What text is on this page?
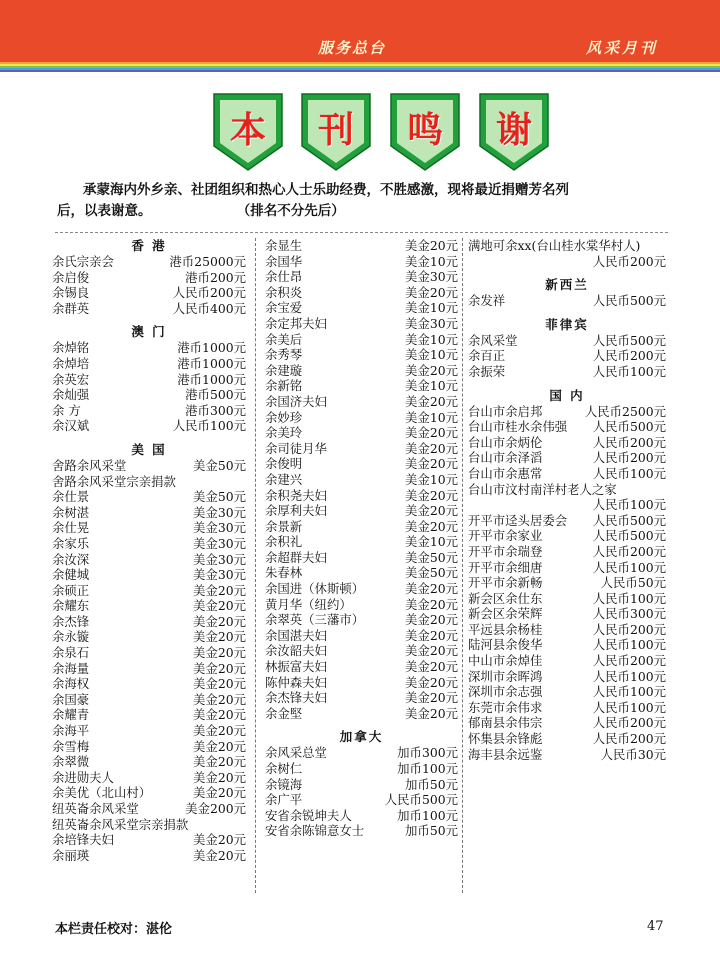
服务总台	风采月刊
本	刊	鸣	谢
承蒙海内外乡亲、社团组织和热心人士乐助经费，不胜感激，现将最近捐赠芳名列
后，以表谢意。	（排名不分先后）
香 港
余氏宗亲会	港币25000元
余启俊	港币200元
余锡良	人民币200元
余群英	人民币400元
澳 门
余焯铭	港币1000元
余焯培	港币1000元
余英宏	港币1000元
余灿强	港币500元
余 方	港币300元
余汉斌	人民币100元
美 国
舍路余风采堂	美金50元
舍路余风采堂宗亲捐款
余仕景	美金50元
余树湛	美金30元
余仕晃	美金30元
余家乐	美金30元
余汝深	美金30元
余健城	美金30元
余硕正	美金20元
余耀东	美金20元
余杰锋	美金20元
余永镟	美金20元
余泉石	美金20元
余海量	美金20元
余海权	美金20元
余国豪	美金20元
余耀青	美金20元
余海平	美金20元
余雪梅	美金20元
余翠微	美金20元
余进勋夫人	美金20元
余美优（北山村）	美金20元
纽英崙余风采堂	美金200元
纽英崙余风采堂宗亲捐款
余培锋夫妇	美金20元
余丽瑛	美金20元
余显生	美金20元
余国华	美金10元
余仕昂	美金30元
余积炎	美金20元
余宝爱	美金10元
余定邦夫妇	美金30元
余美后	美金10元
余秀琴	美金10元
余建璇	美金20元
余新铭	美金10元
余国济夫妇	美金20元
余妙珍	美金10元
余美玲	美金20元
余司徒月华	美金20元
余俊明	美金20元
余建兴	美金10元
余积尧夫妇	美金20元
余厚利夫妇	美金20元
余景新	美金20元
余积礼	美金10元
余超群夫妇	美金50元
朱春林	美金50元
余国进（休斯顿）	美金20元
黄月华（纽约）	美金20元
余翠英（三藩市）	美金20元
余国湛夫妇	美金20元
余汝韶夫妇	美金20元
林振富夫妇	美金20元
陈仲森夫妇	美金20元
余杰锋夫妇	美金20元
余金堅	美金20元
加拿大
余风采总堂	加币300元
余树仁	加币100元
余镜海	加币50元
余广平	人民币500元
安省余锐坤夫人	加币100元
安省余陈锦意女士	加币50元
满地可余xx(台山桂水棠华村人)
人民币200元
新西兰
余发祥	人民币500元
菲律宾
余风采堂	人民币500元
余百正	人民币200元
余振荣	人民币100元
国 内
台山市余启邦	人民币2500元
台山市桂水余伟强 人民币500元
台山市余炳伦	人民币200元
台山市余泽滔	人民币200元
台山市余惠常	人民币100元
台山市汶村南洋村老人之家
人民币100元
开平市迳头居委会 人民币500元
开平市余家业	人民币500元
开平市余瑞登	人民币200元
开平市余细唐	人民币100元
开平市余新畅	人民币50元
新会区余仕东	人民币100元
新会区余荣辉	人民币300元
平远县余杨桂	人民币200元
陆河县余俊华	人民币100元
中山市余焯佳	人民币200元
深圳市余晖鸿	人民币100元
深圳市余志强	人民币100元
东莞市余伟求	人民币100元
郁南县余伟宗	人民币200元
怀集县余锋彪	人民币200元
海丰县余远鉴	人民币30元
本栏责任校对：湛伦	47
